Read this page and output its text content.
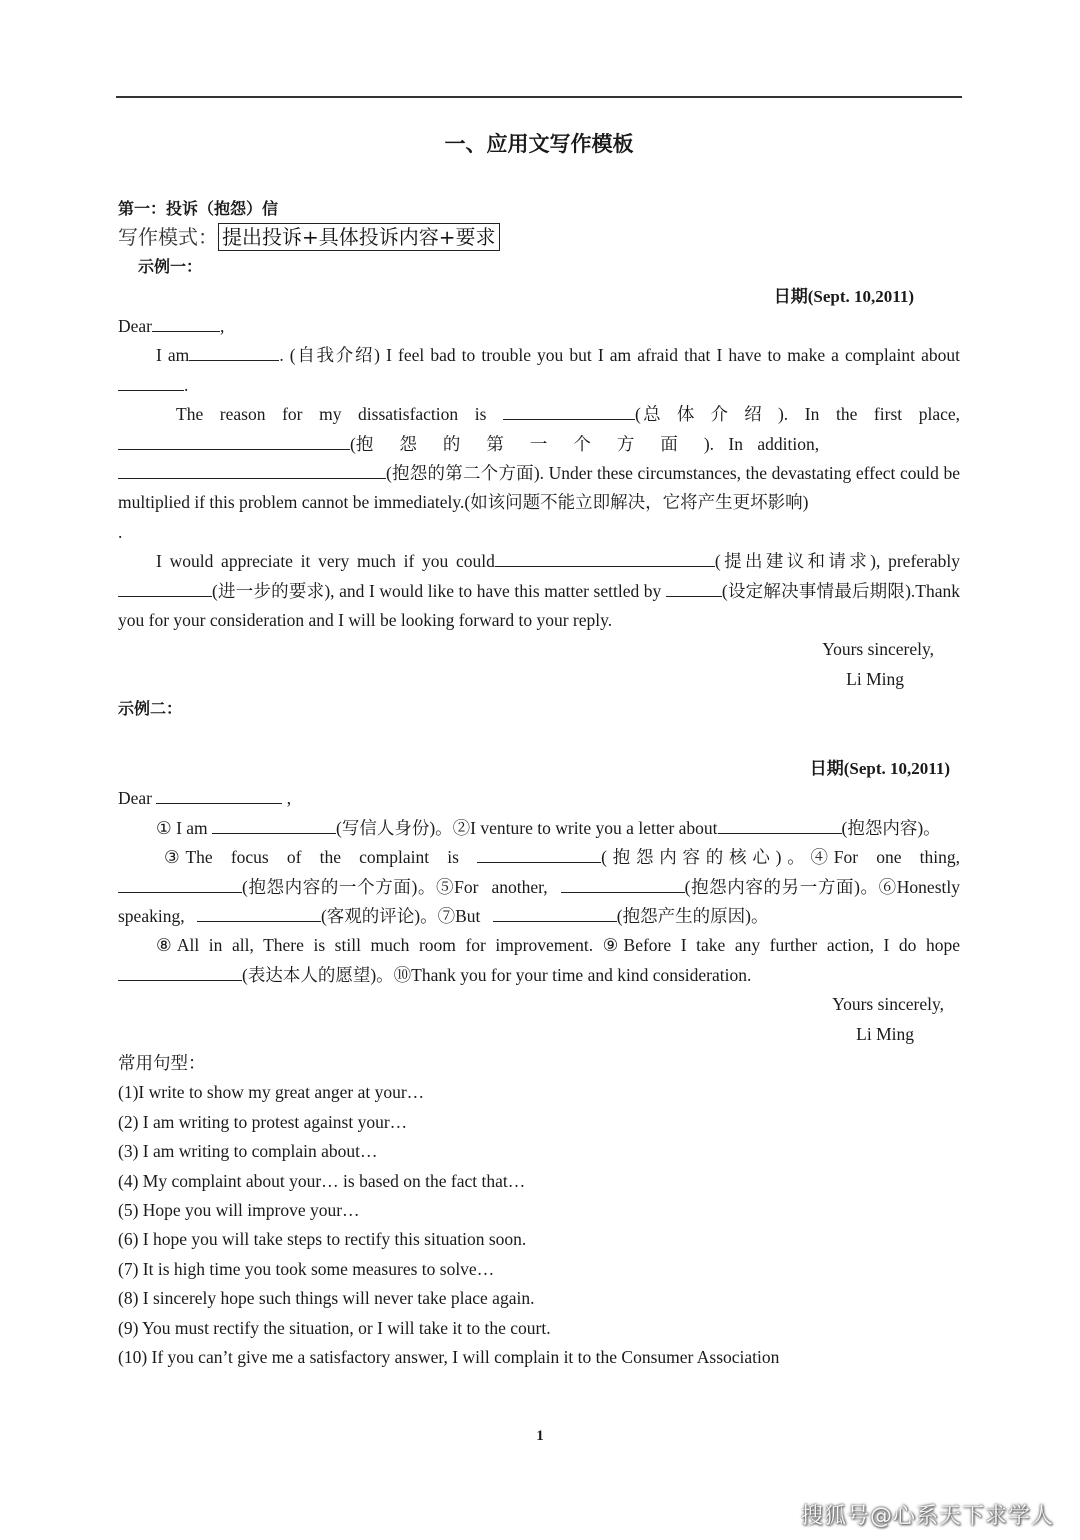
一、应用文写作模板
第一：投诉（抱怨）信
写作模式： 提出投诉+具体投诉内容+要求
示例一：
日期(Sept. 10,2011)

Dear	,

I am	. (自我介绍) I feel bad to trouble you but I am afraid that I have to make a complaint about.

The reason for my dissatisfaction is	(总体介绍). In the first place,(抱怨的第一个方面). In addition,

(抱怨的第二个方面). Under these circumstances, the devastating effect could be multiplied if this problem cannot be immediately.(如该问题不能立即解决，它将产生更坏影响)

.

I would appreciate it very much if you could	(提出建议和请求), preferably (进一步的要求), and I would like to have this matter settled by	(设定解决事情最后期限).Thank you for your consideration and I will be looking forward to your reply.

Yours sincerely,
Li Ming
示例二：
日期(Sept. 10,2011)

Dear	,

① I am	(写信人身份)。②I venture to write you a letter about	(抱怨内容)。

③The focus of the complaint is	(抱怨内容的核心)。④For one thing, (抱怨内容的一个方面)。⑤For another,	(抱怨内容的另一方面)。⑥Honestly speaking,	(客观的评论)。⑦But	(抱怨产生的原因)。

⑧All in all, There is still much room for improvement. ⑨Before I take any further action, I do hope (表达本人的愿望)。⑩Thank you for your time and kind consideration.

Yours sincerely,
Li Ming
常用句型：
(1)I write to show my great anger at your…
(2) I am writing to protest against your…
(3) I am writing to complain about…
(4) My complaint about your… is based on the fact that…
(5) Hope you will improve your…
(6) I hope you will take steps to rectify this situation soon.
(7) It is high time you took some measures to solve…
(8) I sincerely hope such things will never take place again.
(9) You must rectify the situation, or I will take it to the court.
(10) If you can’t give me a satisfactory answer, I will complain it to the Consumer Association
1
搜狐号@心系天下求学人
